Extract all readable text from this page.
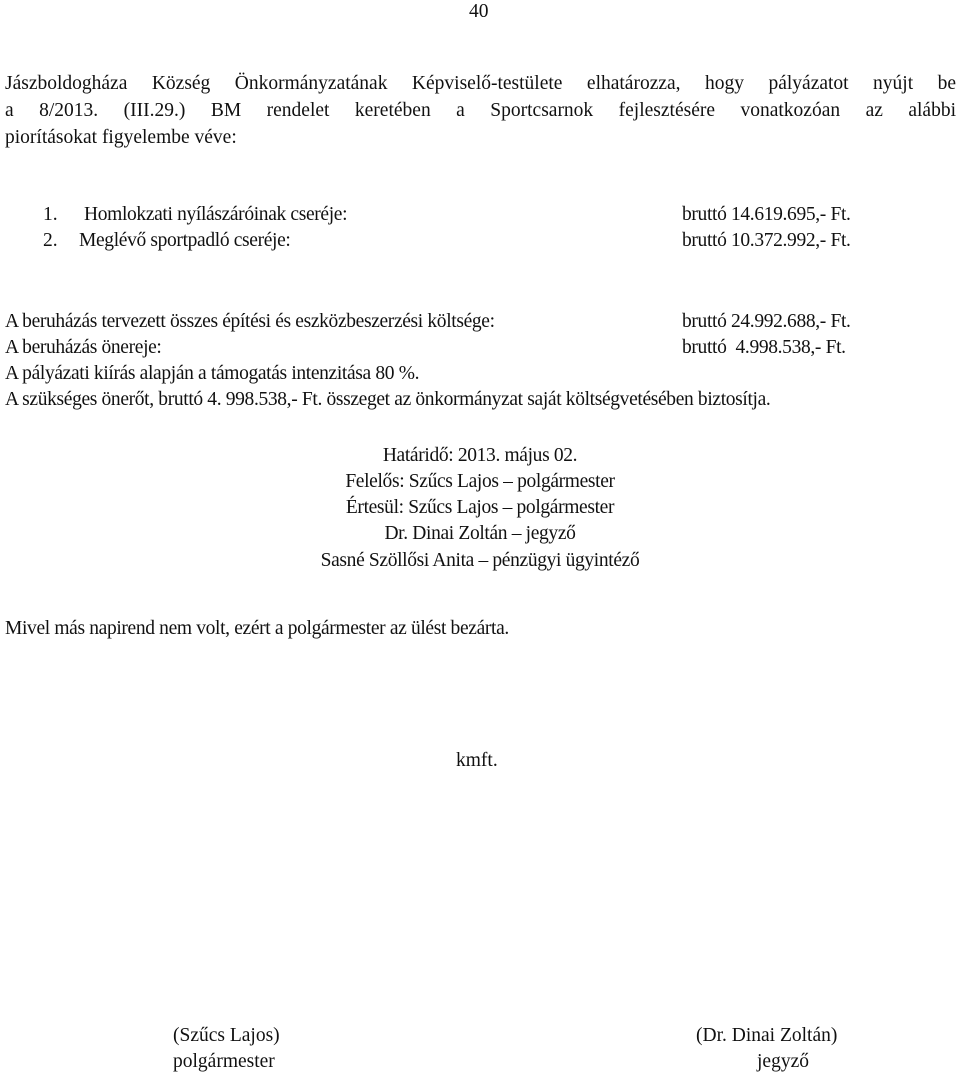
40
Jászboldogháza Község Önkormányzatának Képviselő-testülete elhatározza, hogy pályázatot nyújt be
a 8/2013. (III.29.) BM rendelet keretében a Sportcsarnok fejlesztésére vonatkozóan az alábbi
piorításokat figyelembe véve:
1. Homlokzati nyílászáróinak cseréje:	bruttó 14.619.695,- Ft.
2. Meglévő sportpadló cseréje:	bruttó 10.372.992,- Ft.
A beruházás tervezett összes építési és eszközbeszerzési költsége:	bruttó 24.992.688,- Ft.
A beruházás önereje:	bruttó  4.998.538,- Ft.
A pályázati kiírás alapján a támogatás intenzitása 80 %.
A szükséges önerőt, bruttó 4. 998.538,- Ft. összeget az önkormányzat saját költségvetésében biztosítja.
Határidő: 2013. május 02.
Felelős: Szűcs Lajos – polgármester
Értesül: Szűcs Lajos – polgármester
Dr. Dinai Zoltán – jegyző
Sasné Szöllősi Anita – pénzügyi ügyintéző
Mivel más napirend nem volt, ezért a polgármester az ülést bezárta.
kmft.
(Szűcs Lajos)
polgármester
(Dr. Dinai Zoltán)
jegyző
